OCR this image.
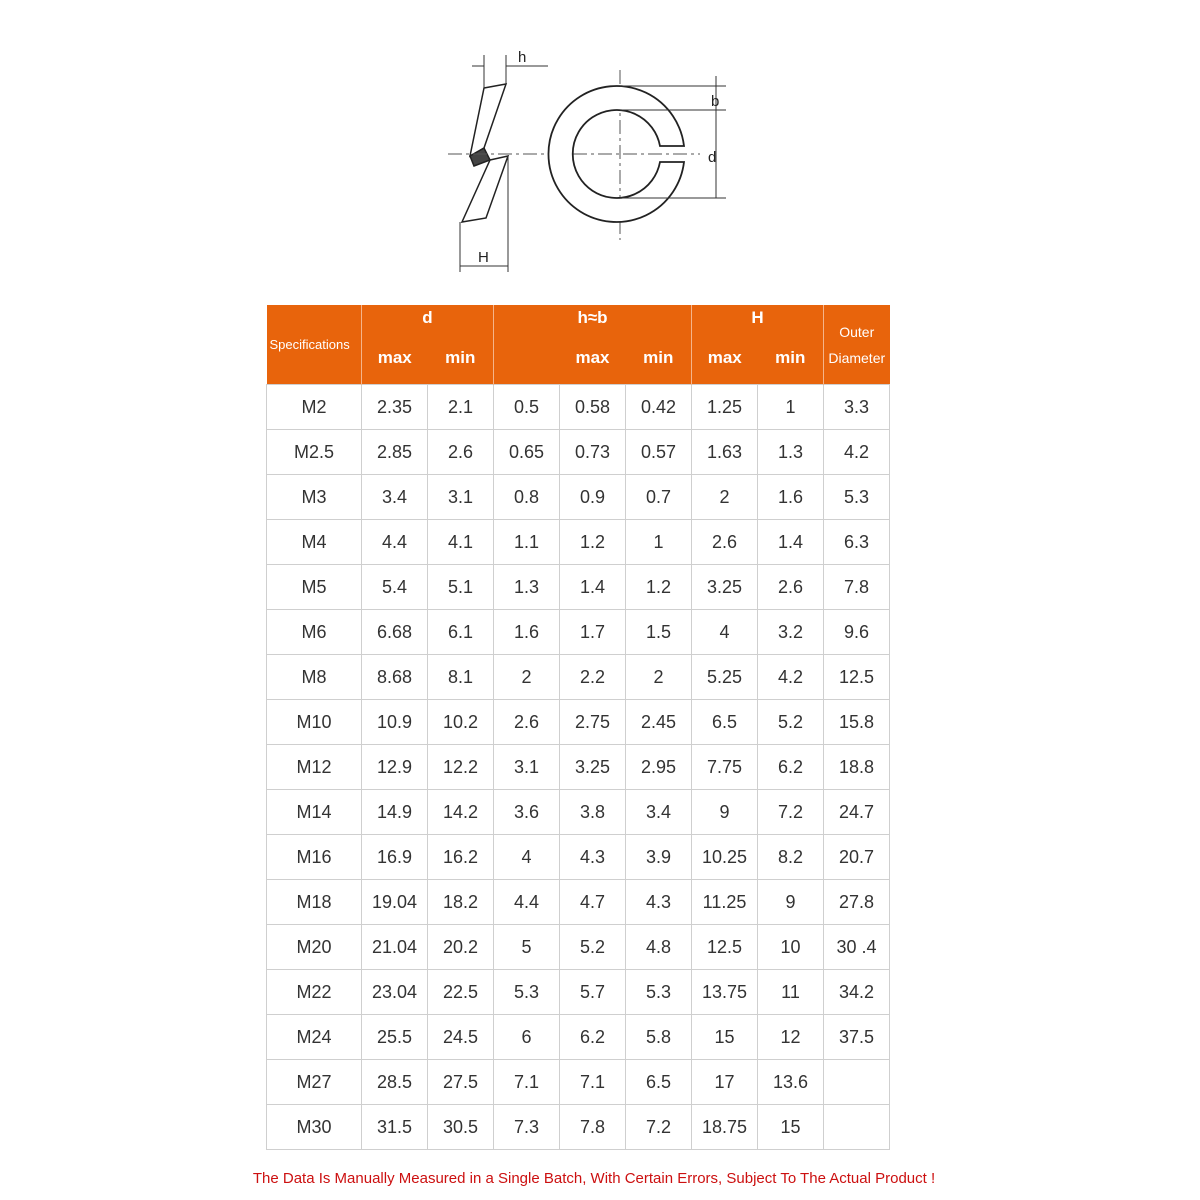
h
H
b
d
Specifications	d		h≈b			H		Outer
Diameter

	max	min		max	min	max	min	
M2	2.35	2.1	0.5	0.58	0.42	1.25	1	3.3
M2.5	2.85	2.6	0.65	0.73	0.57	1.63	1.3	4.2
M3	3.4	3.1	0.8	0.9	0.7	2	1.6	5.3
M4	4.4	4.1	1.1	1.2	1	2.6	1.4	6.3
M5	5.4	5.1	1.3	1.4	1.2	3.25	2.6	7.8
M6	6.68	6.1	1.6	1.7	1.5	4	3.2	9.6
M8	8.68	8.1	2	2.2	2	5.25	4.2	12.5
M10	10.9	10.2	2.6	2.75	2.45	6.5	5.2	15.8
M12	12.9	12.2	3.1	3.25	2.95	7.75	6.2	18.8
M14	14.9	14.2	3.6	3.8	3.4	9	7.2	24.7
M16	16.9	16.2	4	4.3	3.9	10.25	8.2	20.7
M18	19.04	18.2	4.4	4.7	4.3	11.25	9	27.8
M20	21.04	20.2	5	5.2	4.8	12.5	10	30 .4
M22	23.04	22.5	5.3	5.7	5.3	13.75	11	34.2
M24	25.5	24.5	6	6.2	5.8	15	12	37.5
M27	28.5	27.5	7.1	7.1	6.5	17	13.6	
M30	31.5	30.5	7.3	7.8	7.2	18.75	15	
The Data Is Manually Measured in a Single Batch, With Certain Errors, Subject To The Actual Product !
